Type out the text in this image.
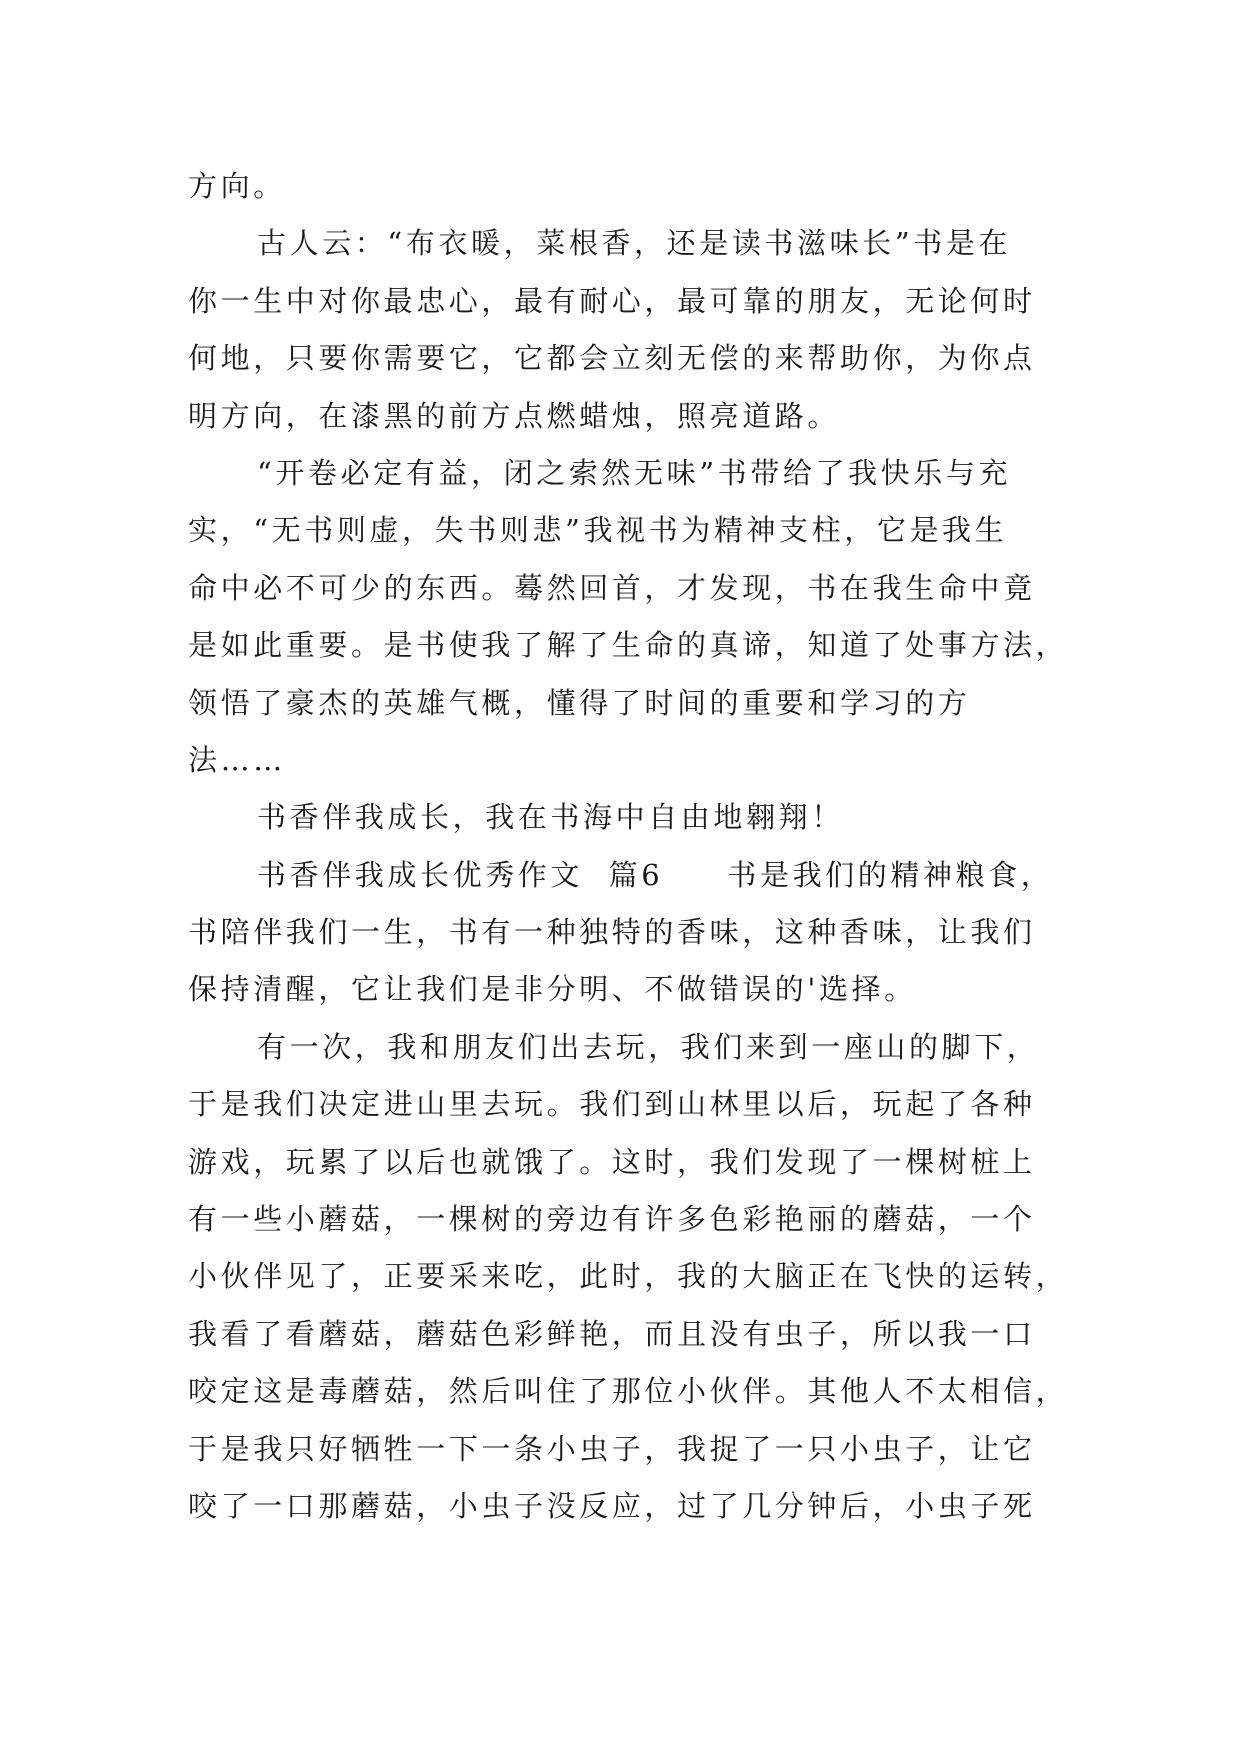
方向。
古人云：“布衣暖，菜根香，还是读书滋味长”书是在
你一生中对你最忠心，最有耐心，最可靠的朋友，无论何时
何地，只要你需要它，它都会立刻无偿的来帮助你，为你点
明方向，在漆黑的前方点燃蜡烛，照亮道路。
“开卷必定有益，闭之索然无味”书带给了我快乐与充
实，“无书则虚，失书则悲”我视书为精神支柱，它是我生
命中必不可少的东西。蓦然回首，才发现，书在我生命中竟
是如此重要。是书使我了解了生命的真谛，知道了处事方法，
领悟了豪杰的英雄气概，懂得了时间的重要和学习的方
法……
书香伴我成长，我在书海中自由地翱翔！
书香伴我成长优秀作文  篇6     书是我们的精神粮食，
书陪伴我们一生，书有一种独特的香味，这种香味，让我们
保持清醒，它让我们是非分明、不做错误的'选择。
有一次，我和朋友们出去玩，我们来到一座山的脚下，
于是我们决定进山里去玩。我们到山林里以后，玩起了各种
游戏，玩累了以后也就饿了。这时，我们发现了一棵树桩上
有一些小蘑菇，一棵树的旁边有许多色彩艳丽的蘑菇，一个
小伙伴见了，正要采来吃，此时，我的大脑正在飞快的运转，
我看了看蘑菇，蘑菇色彩鲜艳，而且没有虫子，所以我一口
咬定这是毒蘑菇，然后叫住了那位小伙伴。其他人不太相信，
于是我只好牺牲一下一条小虫子，我捉了一只小虫子，让它
咬了一口那蘑菇，小虫子没反应，过了几分钟后，小虫子死
